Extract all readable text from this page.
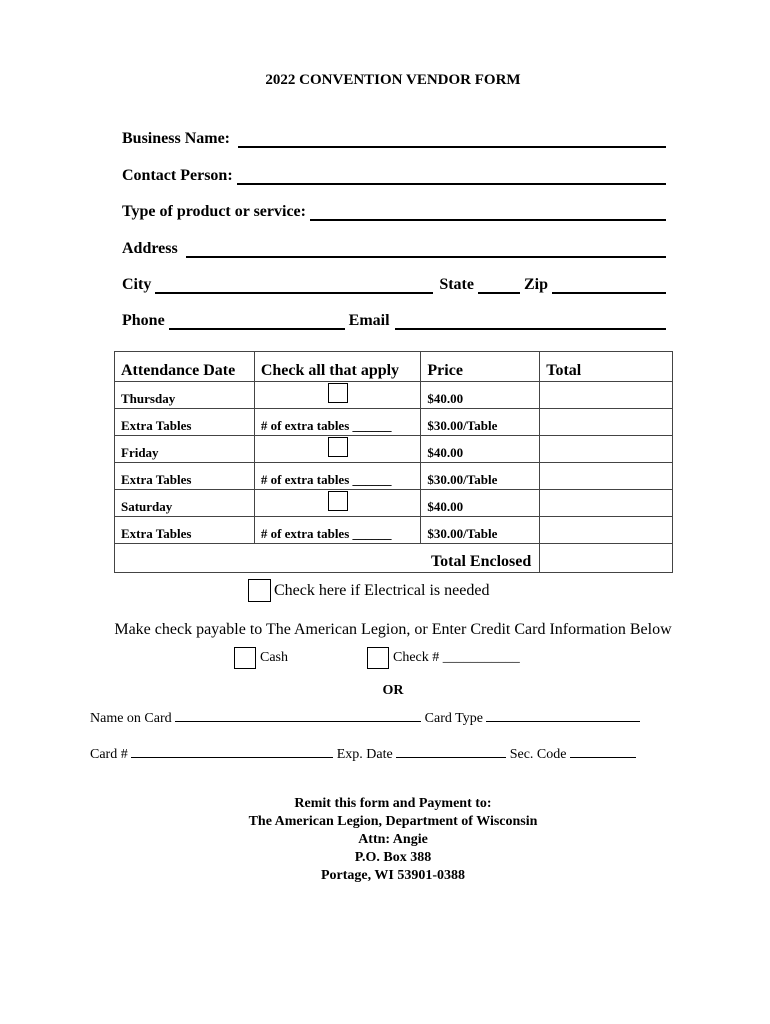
2022 CONVENTION VENDOR FORM
Business Name:
Contact Person:
Type of product or service:
Address
City	State	Zip
Phone	Email
Attendance Date	Check all that apply	Price	Total
Thursday		$40.00	
Extra Tables	# of extra tables ______	$30.00/Table	
Friday		$40.00	
Extra Tables	# of extra tables ______	$30.00/Table	
Saturday		$40.00	
Extra Tables	# of extra tables ______	$30.00/Table	
Total Enclosed			
Check here if Electrical is needed
Make check payable to The American Legion, or Enter Credit Card Information Below
Cash	Check # ___________
OR
Name on Card	Card Type
Card #	Exp. Date	Sec. Code
Remit this form and Payment to:
The American Legion, Department of Wisconsin
Attn: Angie
P.O. Box 388
Portage, WI 53901-0388
